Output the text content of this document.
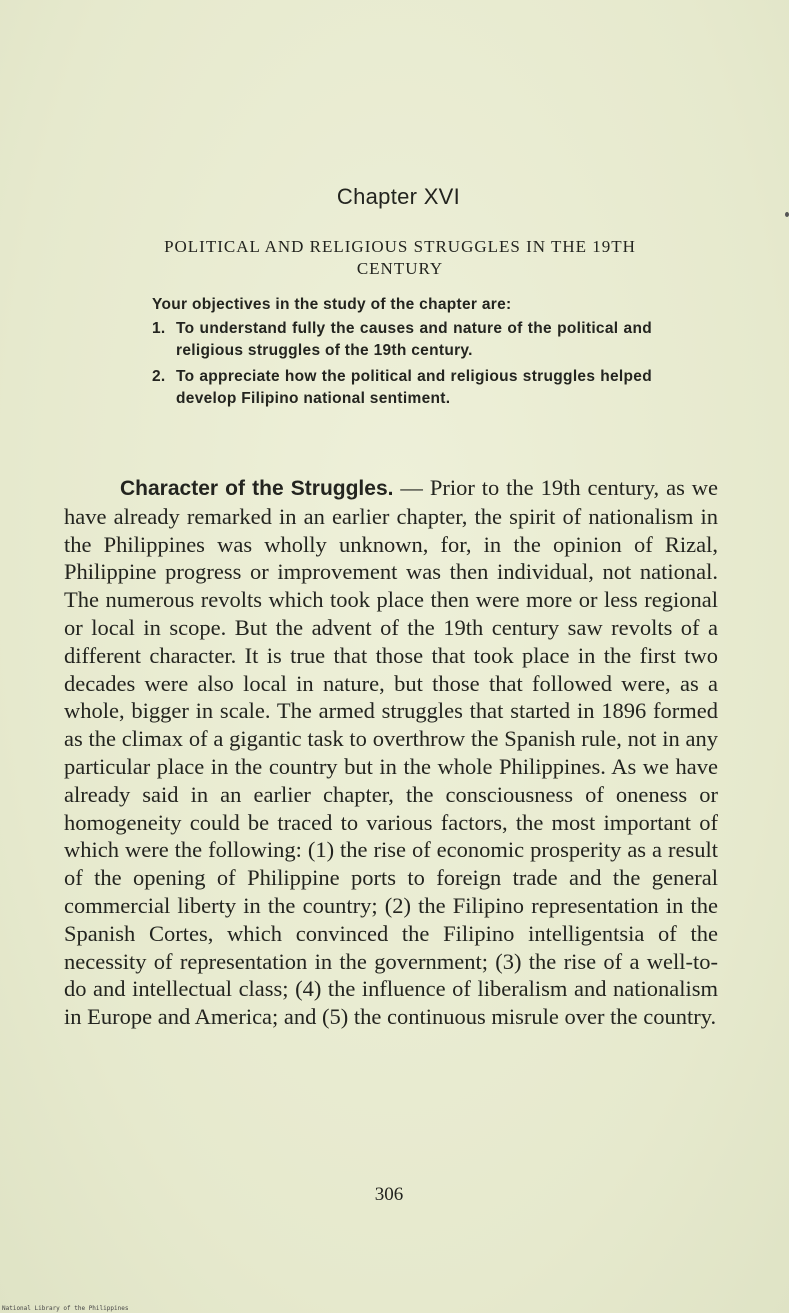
Chapter XVI
POLITICAL AND RELIGIOUS STRUGGLES IN THE 19TH CENTURY
Your objectives in the study of the chapter are:
1. To understand fully the causes and nature of the political and religious struggles of the 19th century.
2. To appreciate how the political and religious struggles helped develop Filipino national sentiment.

Character of the Struggles. — Prior to the 19th century, as we have already remarked in an earlier chapter, the spirit of nationalism in the Philippines was wholly unknown, for, in the opinion of Rizal, Philippine progress or improvement was then individual, not national. The numerous revolts which took place then were more or less regional or local in scope. But the advent of the 19th century saw revolts of a different character. It is true that those that took place in the first two decades were also local in nature, but those that followed were, as a whole, bigger in scale. The armed struggles that started in 1896 formed as the climax of a gigantic task to overthrow the Spanish rule, not in any particular place in the country but in the whole Philippines. As we have already said in an earlier chapter, the consciousness of oneness or homogeneity could be traced to various factors, the most important of which were the following: (1) the rise of economic prosperity as a result of the opening of Philippine ports to foreign trade and the general commercial liberty in the country; (2) the Filipino representation in the Spanish Cortes, which convinced the Filipino intelligentsia of the necessity of representation in the government; (3) the rise of a well-to-do and intellectual class; (4) the influence of liberalism and nationalism in Europe and America; and (5) the continuous misrule over the country.

306
National Library of the Philippines
